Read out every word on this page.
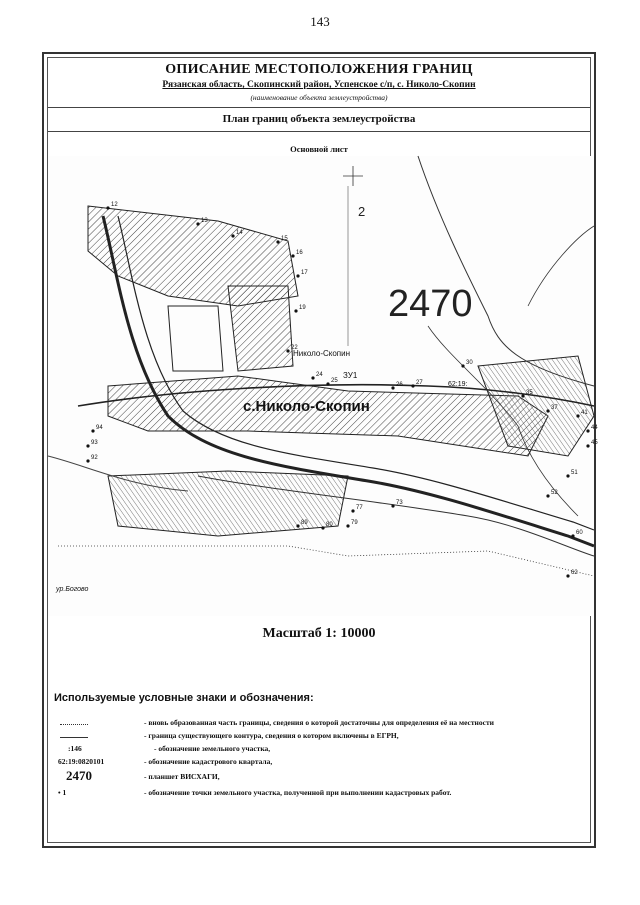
143
ОПИСАНИЕ МЕСТОПОЛОЖЕНИЯ ГРАНИЦ
Рязанская область, Скопинский район, Успенское с/п, с. Николо-Скопин
(наименование объекта землеустройства)
План границ объекта землеустройства
Основной лист
2470
2
с.Николо-Скопин
Николо-Скопин
ур.Богово
ЗУ1
62:19:
12
13
14
15
16
17
19
22
24
25
26 27
30
35
37
41
44
45
51
52
60
62
73
77
79
80
89
92
93
94
Масштаб 1: 10000
Используемые условные знаки и обозначения:
- вновь образованная часть границы, сведения о которой достаточны для определения её на местности
- граница существующего контура, сведения о котором включены в ЕГРН,
:146	- обозначение земельного участка,
62:19:0820101	- обозначение кадастрового квартала,
2470	- планшет ВИСХАГИ,
• 1	- обозначение точки земельного участка, полученной при выполнении кадастровых работ.
